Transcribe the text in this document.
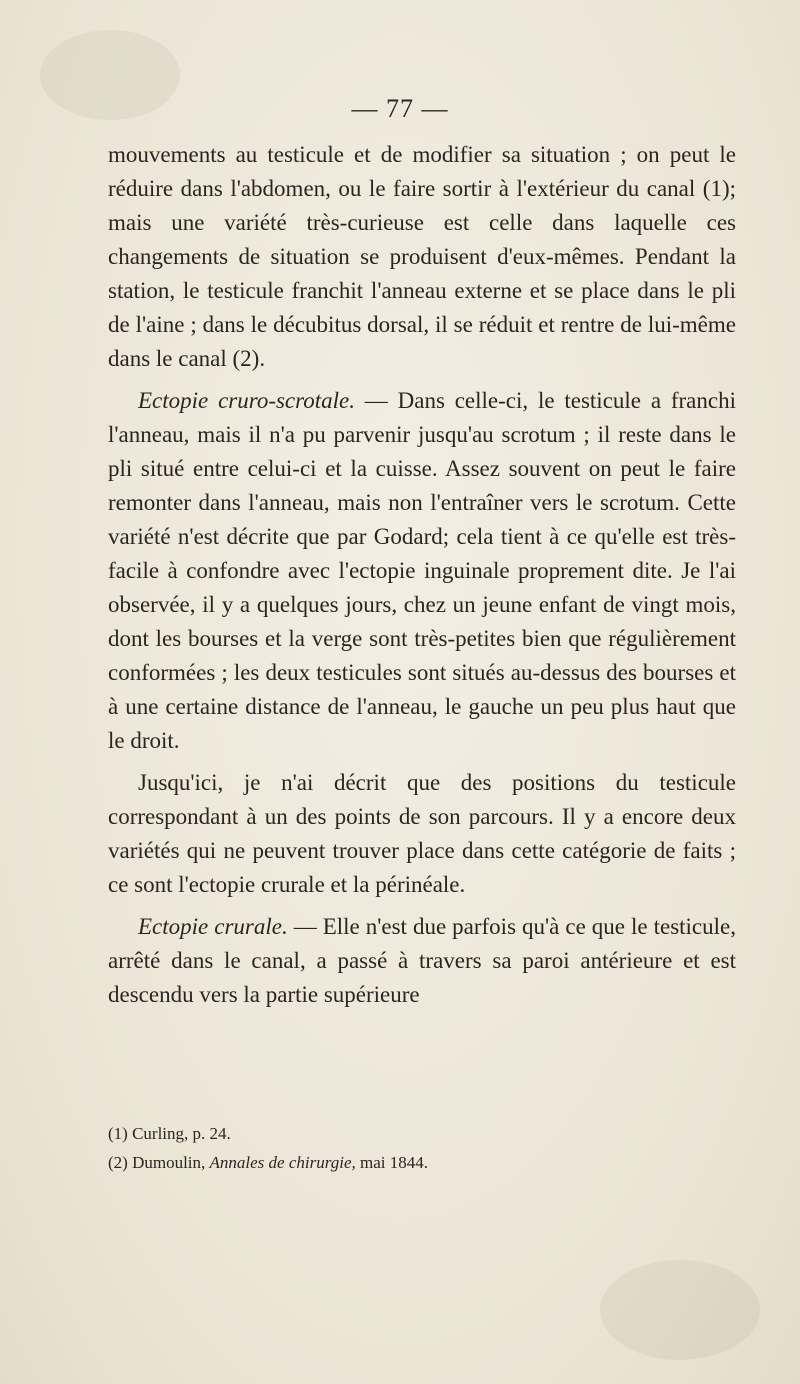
— 77 —

mouvements au testicule et de modifier sa situation ; on peut le réduire dans l'abdomen, ou le faire sortir à l'extérieur du canal (1); mais une variété très-curieuse est celle dans laquelle ces changements de situation se produisent d'eux-mêmes. Pendant la station, le testicule franchit l'anneau externe et se place dans le pli de l'aine ; dans le décubitus dorsal, il se réduit et rentre de lui-même dans le canal (2).

Ectopie cruro-scrotale. — Dans celle-ci, le testicule a franchi l'anneau, mais il n'a pu parvenir jusqu'au scrotum ; il reste dans le pli situé entre celui-ci et la cuisse. Assez souvent on peut le faire remonter dans l'anneau, mais non l'entraîner vers le scrotum. Cette variété n'est décrite que par Godard; cela tient à ce qu'elle est très-facile à confondre avec l'ectopie inguinale proprement dite. Je l'ai observée, il y a quelques jours, chez un jeune enfant de vingt mois, dont les bourses et la verge sont très-petites bien que régulièrement conformées ; les deux testicules sont situés au-dessus des bourses et à une certaine distance de l'anneau, le gauche un peu plus haut que le droit.

Jusqu'ici, je n'ai décrit que des positions du testicule correspondant à un des points de son parcours. Il y a encore deux variétés qui ne peuvent trouver place dans cette catégorie de faits ; ce sont l'ectopie crurale et la périnéale.

Ectopie crurale. — Elle n'est due parfois qu'à ce que le testicule, arrêté dans le canal, a passé à travers sa paroi antérieure et est descendu vers la partie supérieure

(1) Curling, p. 24.

(2) Dumoulin, Annales de chirurgie, mai 1844.
